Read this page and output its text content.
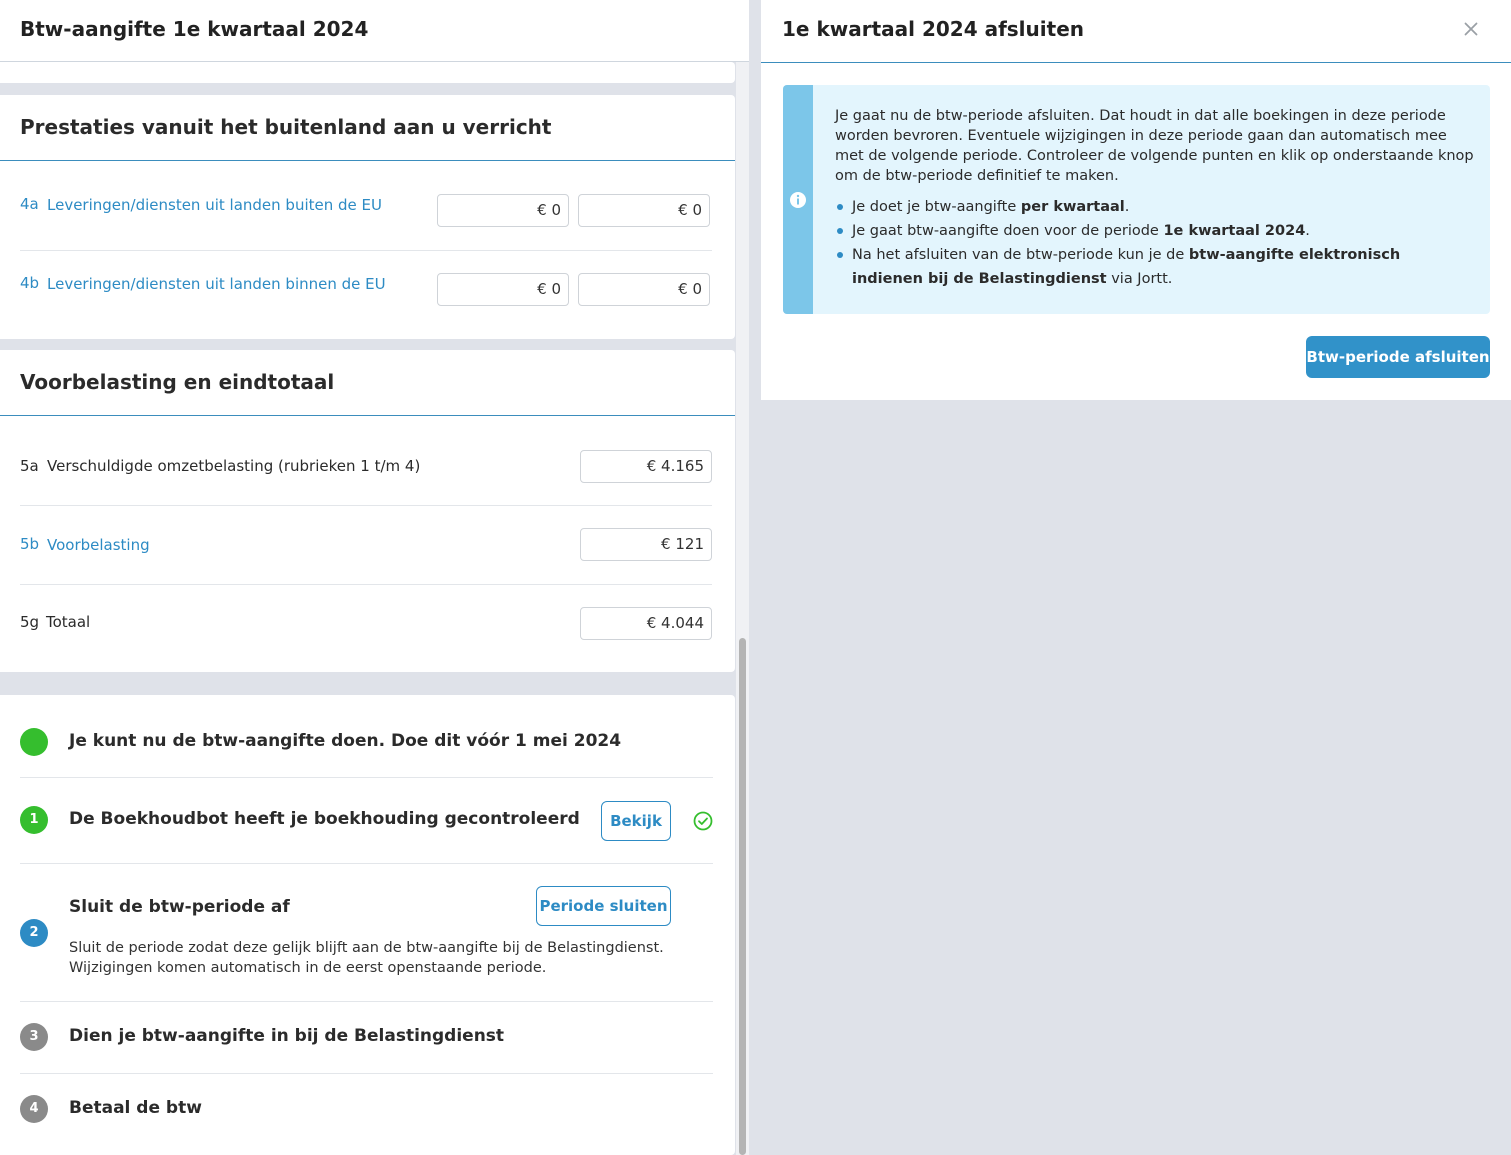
Prestaties vanuit het buitenland aan u verricht
4a Leveringen/diensten uit landen buiten de EU	€ 0	€ 0
4b Leveringen/diensten uit landen binnen de EU	€ 0	€ 0
Voorbelasting en eindtotaal
5a Verschuldigde omzetbelasting (rubrieken 1 t/m 4)	€ 4.165
5b Voorbelasting	€ 121
5g Totaal	€ 4.044
Je kunt nu de btw-aangifte doen. Doe dit vóór 1 mei 2024
1	De Boekhoudbot heeft je boekhouding gecontroleerd	Bekijk
2
Sluit de btw-periode af	Periode sluiten
Sluit de periode zodat deze gelijk blijft aan de btw-aangifte bij de Belastingdienst. Wijzigingen komen automatisch in de eerst openstaande periode.
3	Dien je btw-aangifte in bij de Belastingdienst
4	Betaal de btw
Btw-aangifte 1e kwartaal 2024	1e kwartaal 2024 afsluiten
Je gaat nu de btw-periode afsluiten. Dat houdt in dat alle boekingen in deze periode worden bevroren. Eventuele wijzigingen in deze periode gaan dan automatisch mee met de volgende periode. Controleer de volgende punten en klik op onderstaande knop om de btw-periode definitief te maken.
Je doet je btw-aangifte per kwartaal.
Je gaat btw-aangifte doen voor de periode 1e kwartaal 2024.
Na het afsluiten van de btw-periode kun je de btw-aangifte elektronisch indienen bij de Belastingdienst via Jortt.
Btw-periode afsluiten
